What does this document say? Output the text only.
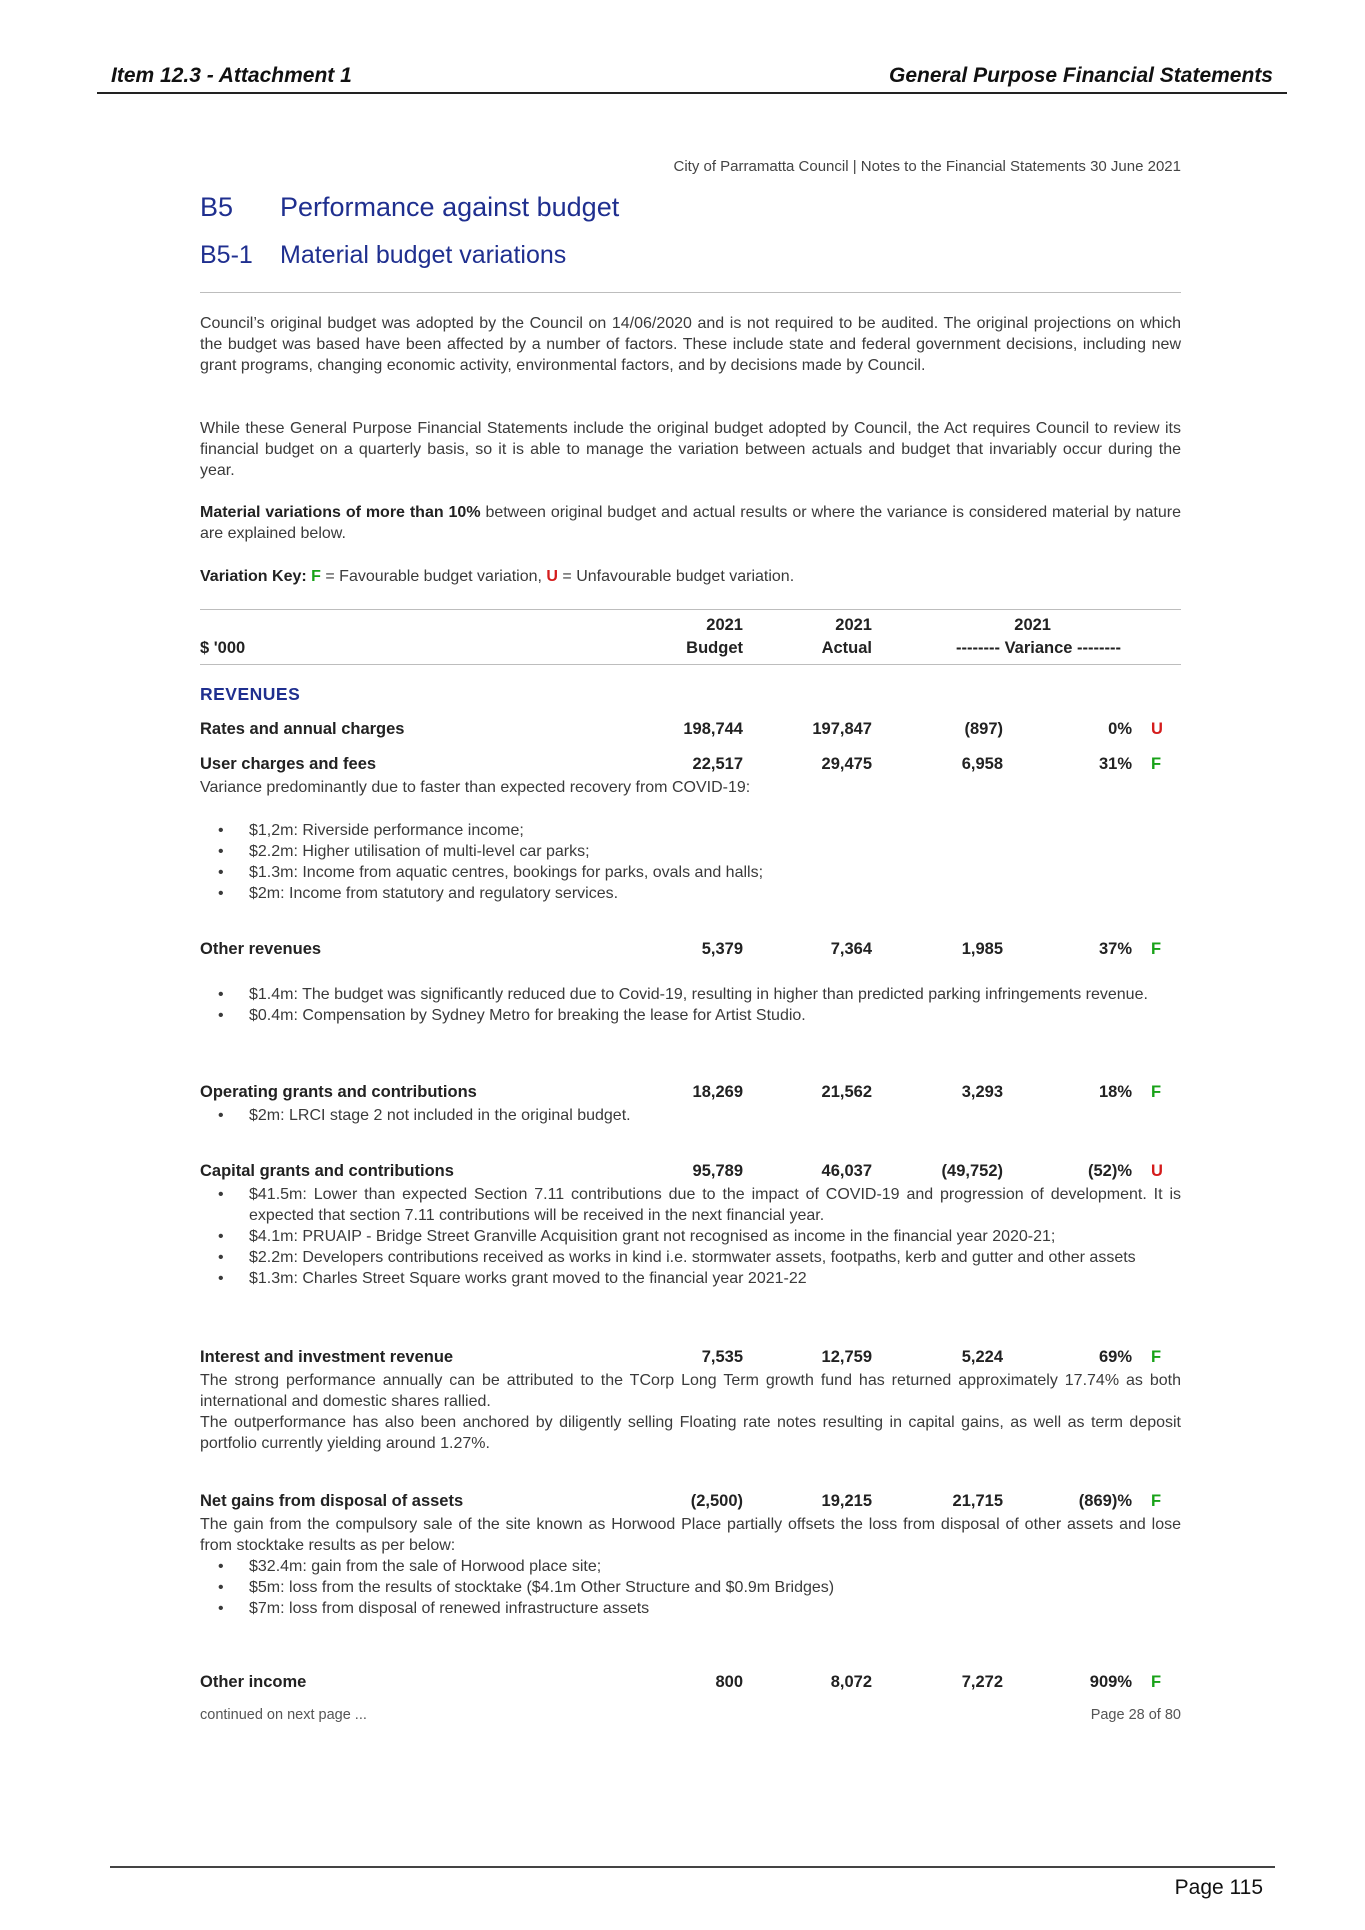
Item 12.3 - Attachment 1	General Purpose Financial Statements
City of Parramatta Council | Notes to the Financial Statements 30 June 2021
B5 Performance against budget
B5-1 Material budget variations
Council’s original budget was adopted by the Council on 14/06/2020 and is not required to be audited. The original projections on which the budget was based have been affected by a number of factors. These include state and federal government decisions, including new grant programs, changing economic activity, environmental factors, and by decisions made by Council.
While these General Purpose Financial Statements include the original budget adopted by Council, the Act requires Council to review its financial budget on a quarterly basis, so it is able to manage the variation between actuals and budget that invariably occur during the year.
Material variations of more than 10% between original budget and actual results or where the variance is considered material by nature are explained below.
Variation Key: F = Favourable budget variation, U = Unfavourable budget variation.
2021	2021	2021
$ '000	Budget	Actual	-------- Variance --------
REVENUES
Rates and annual charges	198,744	197,847	(897)	0% U
User charges and fees	22,517	29,475	6,958	31% F
Variance predominantly due to faster than expected recovery from COVID-19:
• $1,2m: Riverside performance income;
• $2.2m: Higher utilisation of multi-level car parks;
• $1.3m: Income from aquatic centres, bookings for parks, ovals and halls;
• $2m: Income from statutory and regulatory services.
Other revenues	5,379	7,364	1,985	37% F
• $1.4m: The budget was significantly reduced due to Covid-19, resulting in higher than predicted parking infringements revenue.
• $0.4m: Compensation by Sydney Metro for breaking the lease for Artist Studio.
Operating grants and contributions	18,269	21,562	3,293	18% F
• $2m: LRCI stage 2 not included in the original budget.
Capital grants and contributions	95,789	46,037	(49,752)	(52)% U
• $41.5m: Lower than expected Section 7.11 contributions due to the impact of COVID-19 and progression of development. It is expected that section 7.11 contributions will be received in the next financial year.
• $4.1m: PRUAIP - Bridge Street Granville Acquisition grant not recognised as income in the financial year 2020-21;
• $2.2m: Developers contributions received as works in kind i.e. stormwater assets, footpaths, kerb and gutter and other assets
• $1.3m: Charles Street Square works grant moved to the financial year 2021-22
Interest and investment revenue	7,535	12,759	5,224	69% F
The strong performance annually can be attributed to the TCorp Long Term growth fund has returned approximately 17.74% as both international and domestic shares rallied.
The outperformance has also been anchored by diligently selling Floating rate notes resulting in capital gains, as well as term deposit portfolio currently yielding around 1.27%.
Net gains from disposal of assets	(2,500)	19,215	21,715	(869)% F
The gain from the compulsory sale of the site known as Horwood Place partially offsets the loss from disposal of other assets and lose from stocktake results as per below:
• $32.4m: gain from the sale of Horwood place site;
• $5m: loss from the results of stocktake ($4.1m Other Structure and $0.9m Bridges)
• $7m: loss from disposal of renewed infrastructure assets
Other income	800	8,072	7,272	909% F
continued on next page ...	Page 28 of 80
Page 115
